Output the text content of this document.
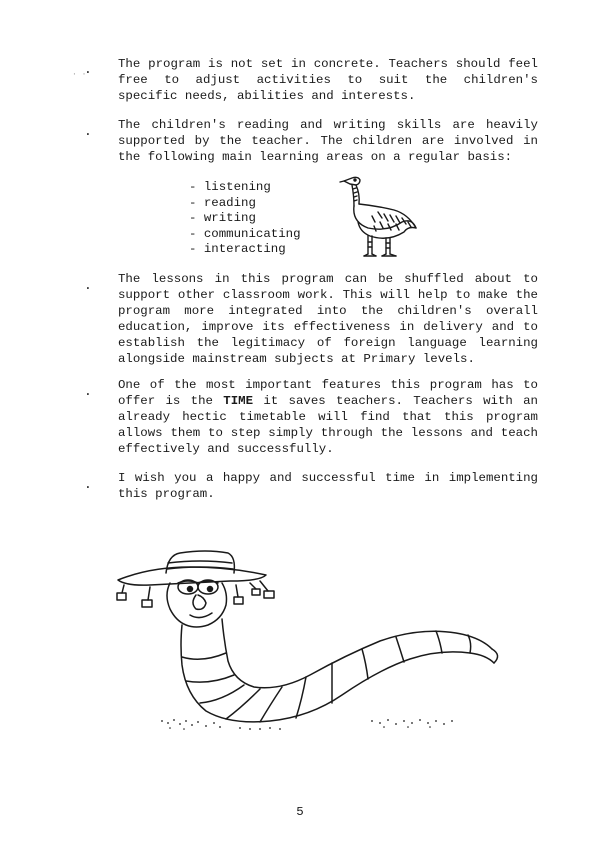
· ·
. The program is not set in concrete. Teachers should feel free to adjust activities to suit the children's specific needs, abilities and interests.

. The children's reading and writing skills are heavily supported by the teacher. The children are involved in the following main learning areas on a regular basis:

- listening
- reading
- writing
- communicating
- interacting
. The lessons in this program can be shuffled about to support other classroom work. This will help to make the program more integrated into the children's overall education, improve its effectiveness in delivery and to establish the legitimacy of foreign language learning alongside mainstream subjects at Primary levels.

. One of the most important features this program has to offer is the TIME it saves teachers. Teachers with an already hectic timetable will find that this program allows them to step simply through the lessons and teach effectively and successfully.

. I wish you a happy and successful time in implementing this program.

5
